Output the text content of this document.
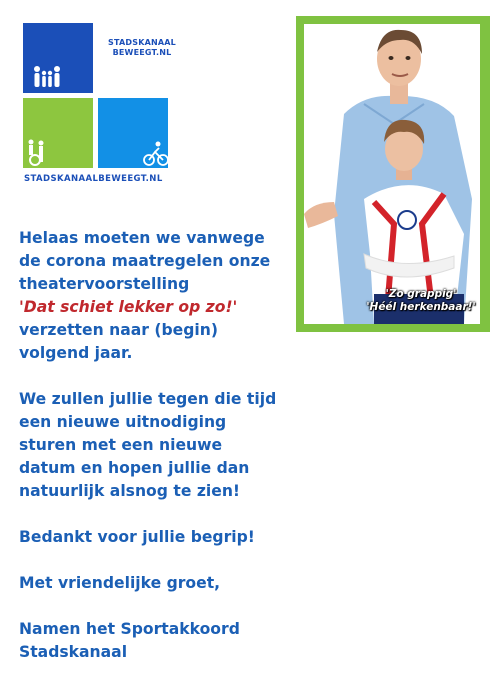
STADSKANAAL
BEWEEGT.NL
STADSKANAALBEWEEGT.NL
'Zo grappig'
'Héél herkenbaar!'

Helaas moeten we vanwege
de corona maatregelen onze
theatervoorstelling
'Dat schiet lekker op zo!'
verzetten naar (begin)
volgend jaar.

We zullen jullie tegen die tijd
een nieuwe uitnodiging
sturen met een nieuwe
datum en hopen jullie dan
natuurlijk alsnog te zien!

Bedankt voor jullie begrip!

Met vriendelijke groet,

Namen het Sportakkoord
Stadskanaal
